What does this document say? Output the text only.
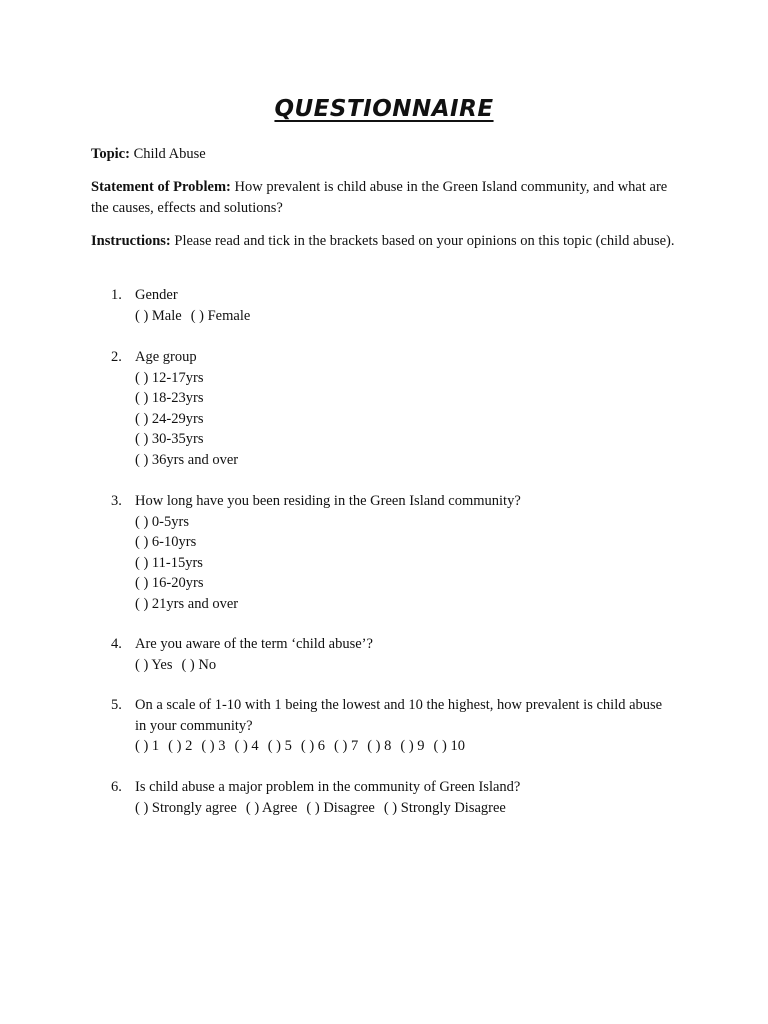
QUESTIONNAIRE
Topic: Child Abuse
Statement of Problem: How prevalent is child abuse in the Green Island community, and what are the causes, effects and solutions?
Instructions: Please read and tick in the brackets based on your opinions on this topic (child abuse).
1. Gender
( ) Male ( ) Female
2. Age group
( ) 12-17yrs
( ) 18-23yrs
( ) 24-29yrs
( ) 30-35yrs
( ) 36yrs and over
3. How long have you been residing in the Green Island community?
( ) 0-5yrs
( ) 6-10yrs
( ) 11-15yrs
( ) 16-20yrs
( ) 21yrs and over
4. Are you aware of the term ‘child abuse’?
( ) Yes ( ) No
5. On a scale of 1-10 with 1 being the lowest and 10 the highest, how prevalent is child abuse in your community?
( ) 1 ( ) 2 ( ) 3 ( ) 4 ( ) 5 ( ) 6 ( ) 7 ( ) 8 ( ) 9 ( ) 10
6. Is child abuse a major problem in the community of Green Island?
( ) Strongly agree ( ) Agree ( ) Disagree ( ) Strongly Disagree
